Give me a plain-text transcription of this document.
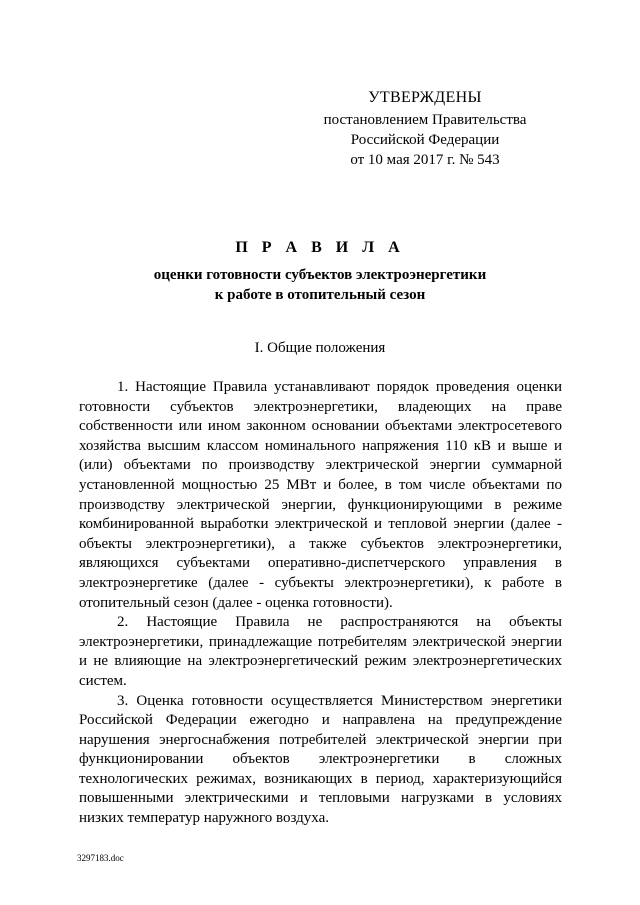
УТВЕРЖДЕНЫ
постановлением Правительства
Российской Федерации
от 10 мая 2017 г. № 543
П Р А В И Л А
оценки готовности субъектов электроэнергетики
к работе в отопительный сезон
I. Общие положения

1. Настоящие Правила устанавливают порядок проведения оценки готовности субъектов электроэнергетики, владеющих на праве собственности или ином законном основании объектами электросетевого хозяйства высшим классом номинального напряжения 110 кВ и выше и (или) объектами по производству электрической энергии суммарной установленной мощностью 25 МВт и более, в том числе объектами по производству электрической энергии, функционирующими в режиме комбинированной выработки электрической и тепловой энергии (далее - объекты электроэнергетики), а также субъектов электроэнергетики, являющихся субъектами оперативно-диспетчерского управления в электроэнергетике (далее - субъекты электроэнергетики), к работе в отопительный сезон (далее - оценка готовности).

2. Настоящие Правила не распространяются на объекты электроэнергетики, принадлежащие потребителям электрической энергии и не влияющие на электроэнергетический режим электроэнергетических систем.

3. Оценка готовности осуществляется Министерством энергетики Российской Федерации ежегодно и направлена на предупреждение нарушения энергоснабжения потребителей электрической энергии при функционировании объектов электроэнергетики в сложных технологических режимах, возникающих в период, характеризующийся повышенными электрическими и тепловыми нагрузками в условиях низких температур наружного воздуха.

3297183.doc
